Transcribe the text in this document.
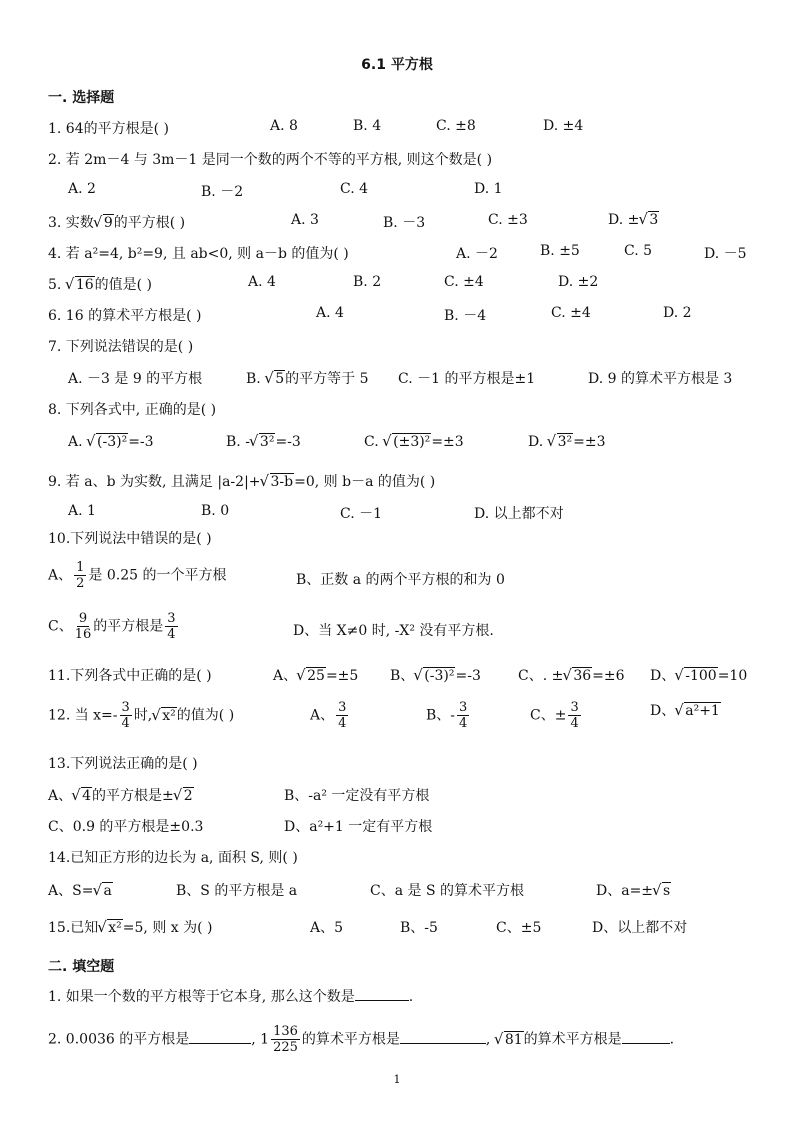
6.1 平方根
一. 选择题
1. 64的平方根是( )	A. 8	B. 4	C. ±8	D. ±4
2. 若 2m－4 与 3m－1 是同一个数的两个不等的平方根, 则这个数是( )
A. 2	B. －2	C. 4	D. 1
3. 实数 √ 9的平方根( )	A. 3	B. －3	C. ±3	D. ± √ 3
4. 若 a²=4, b²=9, 且 ab<0, 则 a－b 的值为( )	A. －2	B. ±5	C. 5	D. －5
5. √ 16的值是( )	A. 4	B. 2	C. ±4	D. ±2
6. 16 的算术平方根是( )	A. 4	B. －4	C. ±4	D. 2
7. 下列说法错误的是( )
A. －3 是 9 的平方根	B. √ 5的平方等于 5 C. －1 的平方根是±1	D. 9 的算术平方根是 3
8. 下列各式中, 正确的是( )
A. √ (-3)²=-3	B. - √ 3²=-3	C. √ (±3)²=±3	D. √ 3²=±3
9. 若 a、b 为实数, 且满足 |a-2|+ √ 3-b=0, 则 b－a 的值为( )
A. 1	B. 0	C. －1	D. 以上都不对
10.下列说法中错误的是( )
A、 $\frac{1}{2}$ 是 0.25 的一个平方根	B、正数 a 的两个平方根的和为 0
C、 $\frac{9}{16}$ 的平方根是 $\frac{3}{4}$	D、当 X≠0 时, -X² 没有平方根.
11.下列各式中正确的是( )	A、 √ 25=±5 B、 √ (-3)²=-3	C、. ± √ 36=±6 D、 √ -100=10
12. 当 $x=- \frac{3}{4}$ 时, √ x²的值为( )	A、 $\frac{3}{4}$	B、- $\frac{3}{4}$	C、± $\frac{3}{4}$	D、 √ a²+1
13.下列说法正确的是( )
A、 √ 4的平方根是± √ 2	B、-a² 一定没有平方根
C、0.9 的平方根是±0.3	D、a²+1 一定有平方根
14.已知正方形的边长为 a, 面积 S, 则( )
A、S= √ a	B、S 的平方根是 a	C、a 是 S 的算术平方根	D、a=± √ s
15.已知 √ x²=5, 则 x 为( )	A、5	B、-5	C、±5	D、以上都不对
二. 填空题
1. 如果一个数的平方根等于它本身, 那么这个数是	.
2. 0.0036 的平方根是	, $1 \frac{136}{225}$ 的算术平方根是	, √ 81的算术平方根是	.
1
